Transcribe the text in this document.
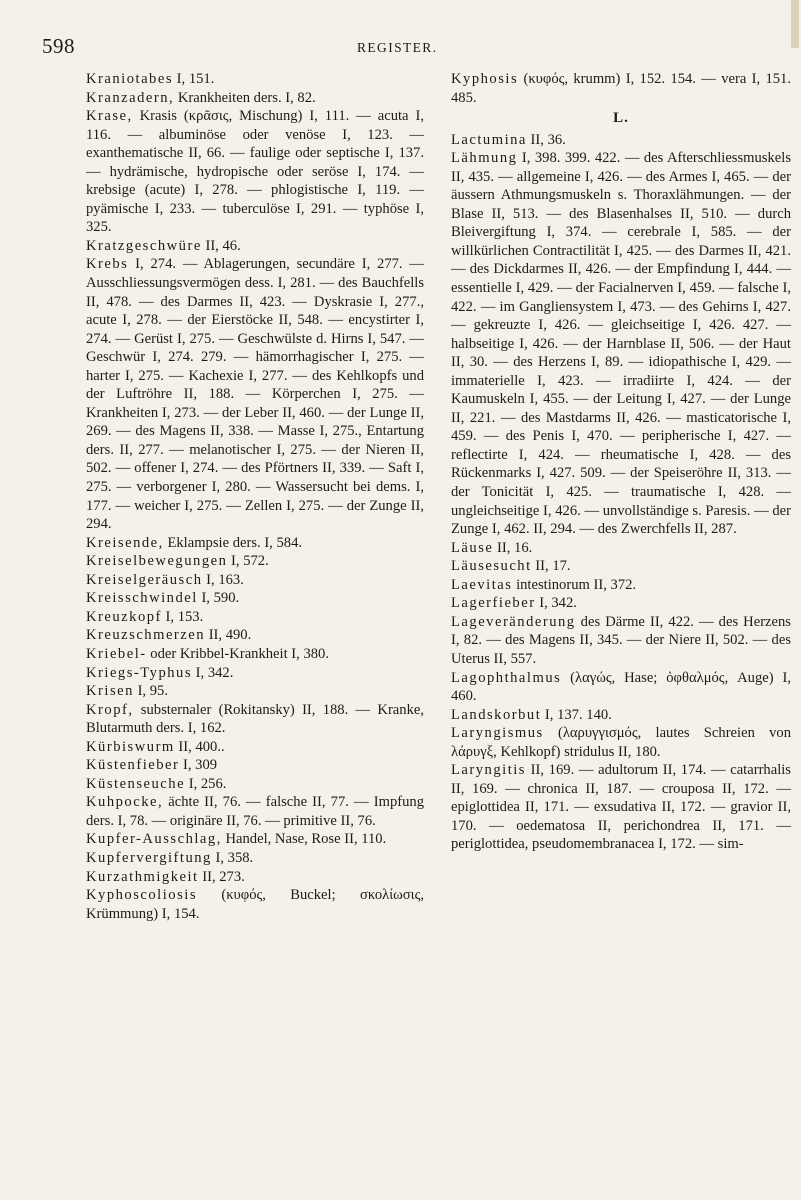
598	REGISTER.

Kraniotabes I, 151.

Kranzadern, Krankheiten ders. I, 82.

Krase, Krasis (κρᾶσις, Mischung) I, 111. — acuta I, 116. — albuminöse oder venöse I, 123. — exanthematische II, 66. — faulige oder septische I, 137. — hydrämische, hydropische oder seröse I, 174. — krebsige (acute) I, 278. — phlogistische I, 119. — pyämische I, 233. — tuberculöse I, 291. — typhöse I, 325.

Kratzgeschwüre II, 46.

Krebs I, 274. — Ablagerungen, secundäre I, 277. — Ausschliessungsvermögen dess. I, 281. — des Bauchfells II, 478. — des Darmes II, 423. — Dyskrasie I, 277., acute I, 278. — der Eierstöcke II, 548. — encystirter I, 274. — Gerüst I, 275. — Geschwülste d. Hirns I, 547. — Geschwür I, 274. 279. — hämorrhagischer I, 275. — harter I, 275. — Kachexie I, 277. — des Kehlkopfs und der Luftröhre II, 188. — Körperchen I, 275. — Krankheiten I, 273. — der Leber II, 460. — der Lunge II, 269. — des Magens II, 338. — Masse I, 275., Entartung ders. II, 277. — melanotischer I, 275. — der Nieren II, 502. — offener I, 274. — des Pförtners II, 339. — Saft I, 275. — verborgener I, 280. — Wassersucht bei dems. I, 177. — weicher I, 275. — Zellen I, 275. — der Zunge II, 294.

Kreisende, Eklampsie ders. I, 584.

Kreiselbewegungen I, 572.

Kreiselgeräusch I, 163.

Kreisschwindel I, 590.

Kreuzkopf I, 153.

Kreuzschmerzen II, 490.

Kriebel- oder Kribbel-Krankheit I, 380.

Kriegs-Typhus I, 342.

Krisen I, 95.

Kropf, substernaler (Rokitansky) II, 188. — Kranke, Blutarmuth ders. I, 162.

Kürbiswurm II, 400..

Küstenfieber I, 309

Küstenseuche I, 256.

Kuhpocke, ächte II, 76. — falsche II, 77. — Impfung ders. I, 78. — originäre II, 76. — primitive II, 76.

Kupfer-Ausschlag, Handel, Nase, Rose II, 110.

Kupfervergiftung I, 358.

Kurzathmigkeit II, 273.

Kyphoscoliosis (κυφός, Buckel; σκολίωσις, Krümmung) I, 154.

Kyphosis (κυφός, krumm) I, 152. 154. — vera I, 151. 485.

L.

Lactumina II, 36.

Lähmung I, 398. 399. 422. — des Afterschliessmuskels II, 435. — allgemeine I, 426. — des Armes I, 465. — der äussern Athmungsmuskeln s. Thoraxlähmungen. — der Blase II, 513. — des Blasenhalses II, 510. — durch Bleivergiftung I, 374. — cerebrale I, 585. — der willkürlichen Contractilität I, 425. — des Darmes II, 421. — des Dickdarmes II, 426. — der Empfindung I, 444. — essentielle I, 429. — der Facialnerven I, 459. — falsche I, 422. — im Gangliensystem I, 473. — des Gehirns I, 427. — gekreuzte I, 426. — gleichseitige I, 426. 427. — halbseitige I, 426. — der Harnblase II, 506. — der Haut II, 30. — des Herzens I, 89. — idiopathische I, 429. — immaterielle I, 423. — irradiirte I, 424. — der Kaumuskeln I, 455. — der Leitung I, 427. — der Lunge II, 221. — des Mastdarms II, 426. — masticatorische I, 459. — des Penis I, 470. — peripherische I, 427. — reflectirte I, 424. — rheumatische I, 428. — des Rückenmarks I, 427. 509. — der Speiseröhre II, 313. — der Tonicität I, 425. — traumatische I, 428. — ungleichseitige I, 426. — unvollständige s. Paresis. — der Zunge I, 462. II, 294. — des Zwerchfells II, 287.

Läuse II, 16.

Läusesucht II, 17.

Laevitas intestinorum II, 372.

Lagerfieber I, 342.

Lageveränderung des Därme II, 422. — des Herzens I, 82. — des Magens II, 345. — der Niere II, 502. — des Uterus II, 557.

Lagophthalmus (λαγώς, Hase; ὀφθαλμός, Auge) I, 460.

Landskorbut I, 137. 140.

Laryngismus (λαρυγγισμός, lautes Schreien von λάρυγξ, Kehlkopf) stridulus II, 180.

Laryngitis II, 169. — adultorum II, 174. — catarrhalis II, 169. — chronica II, 187. — crouposa II, 172. — epiglottidea II, 171. — exsudativa II, 172. — gravior II, 170. — oedematosa II, perichondrea II, 171. — periglottidea, pseudomembranacea I, 172. — sim-
